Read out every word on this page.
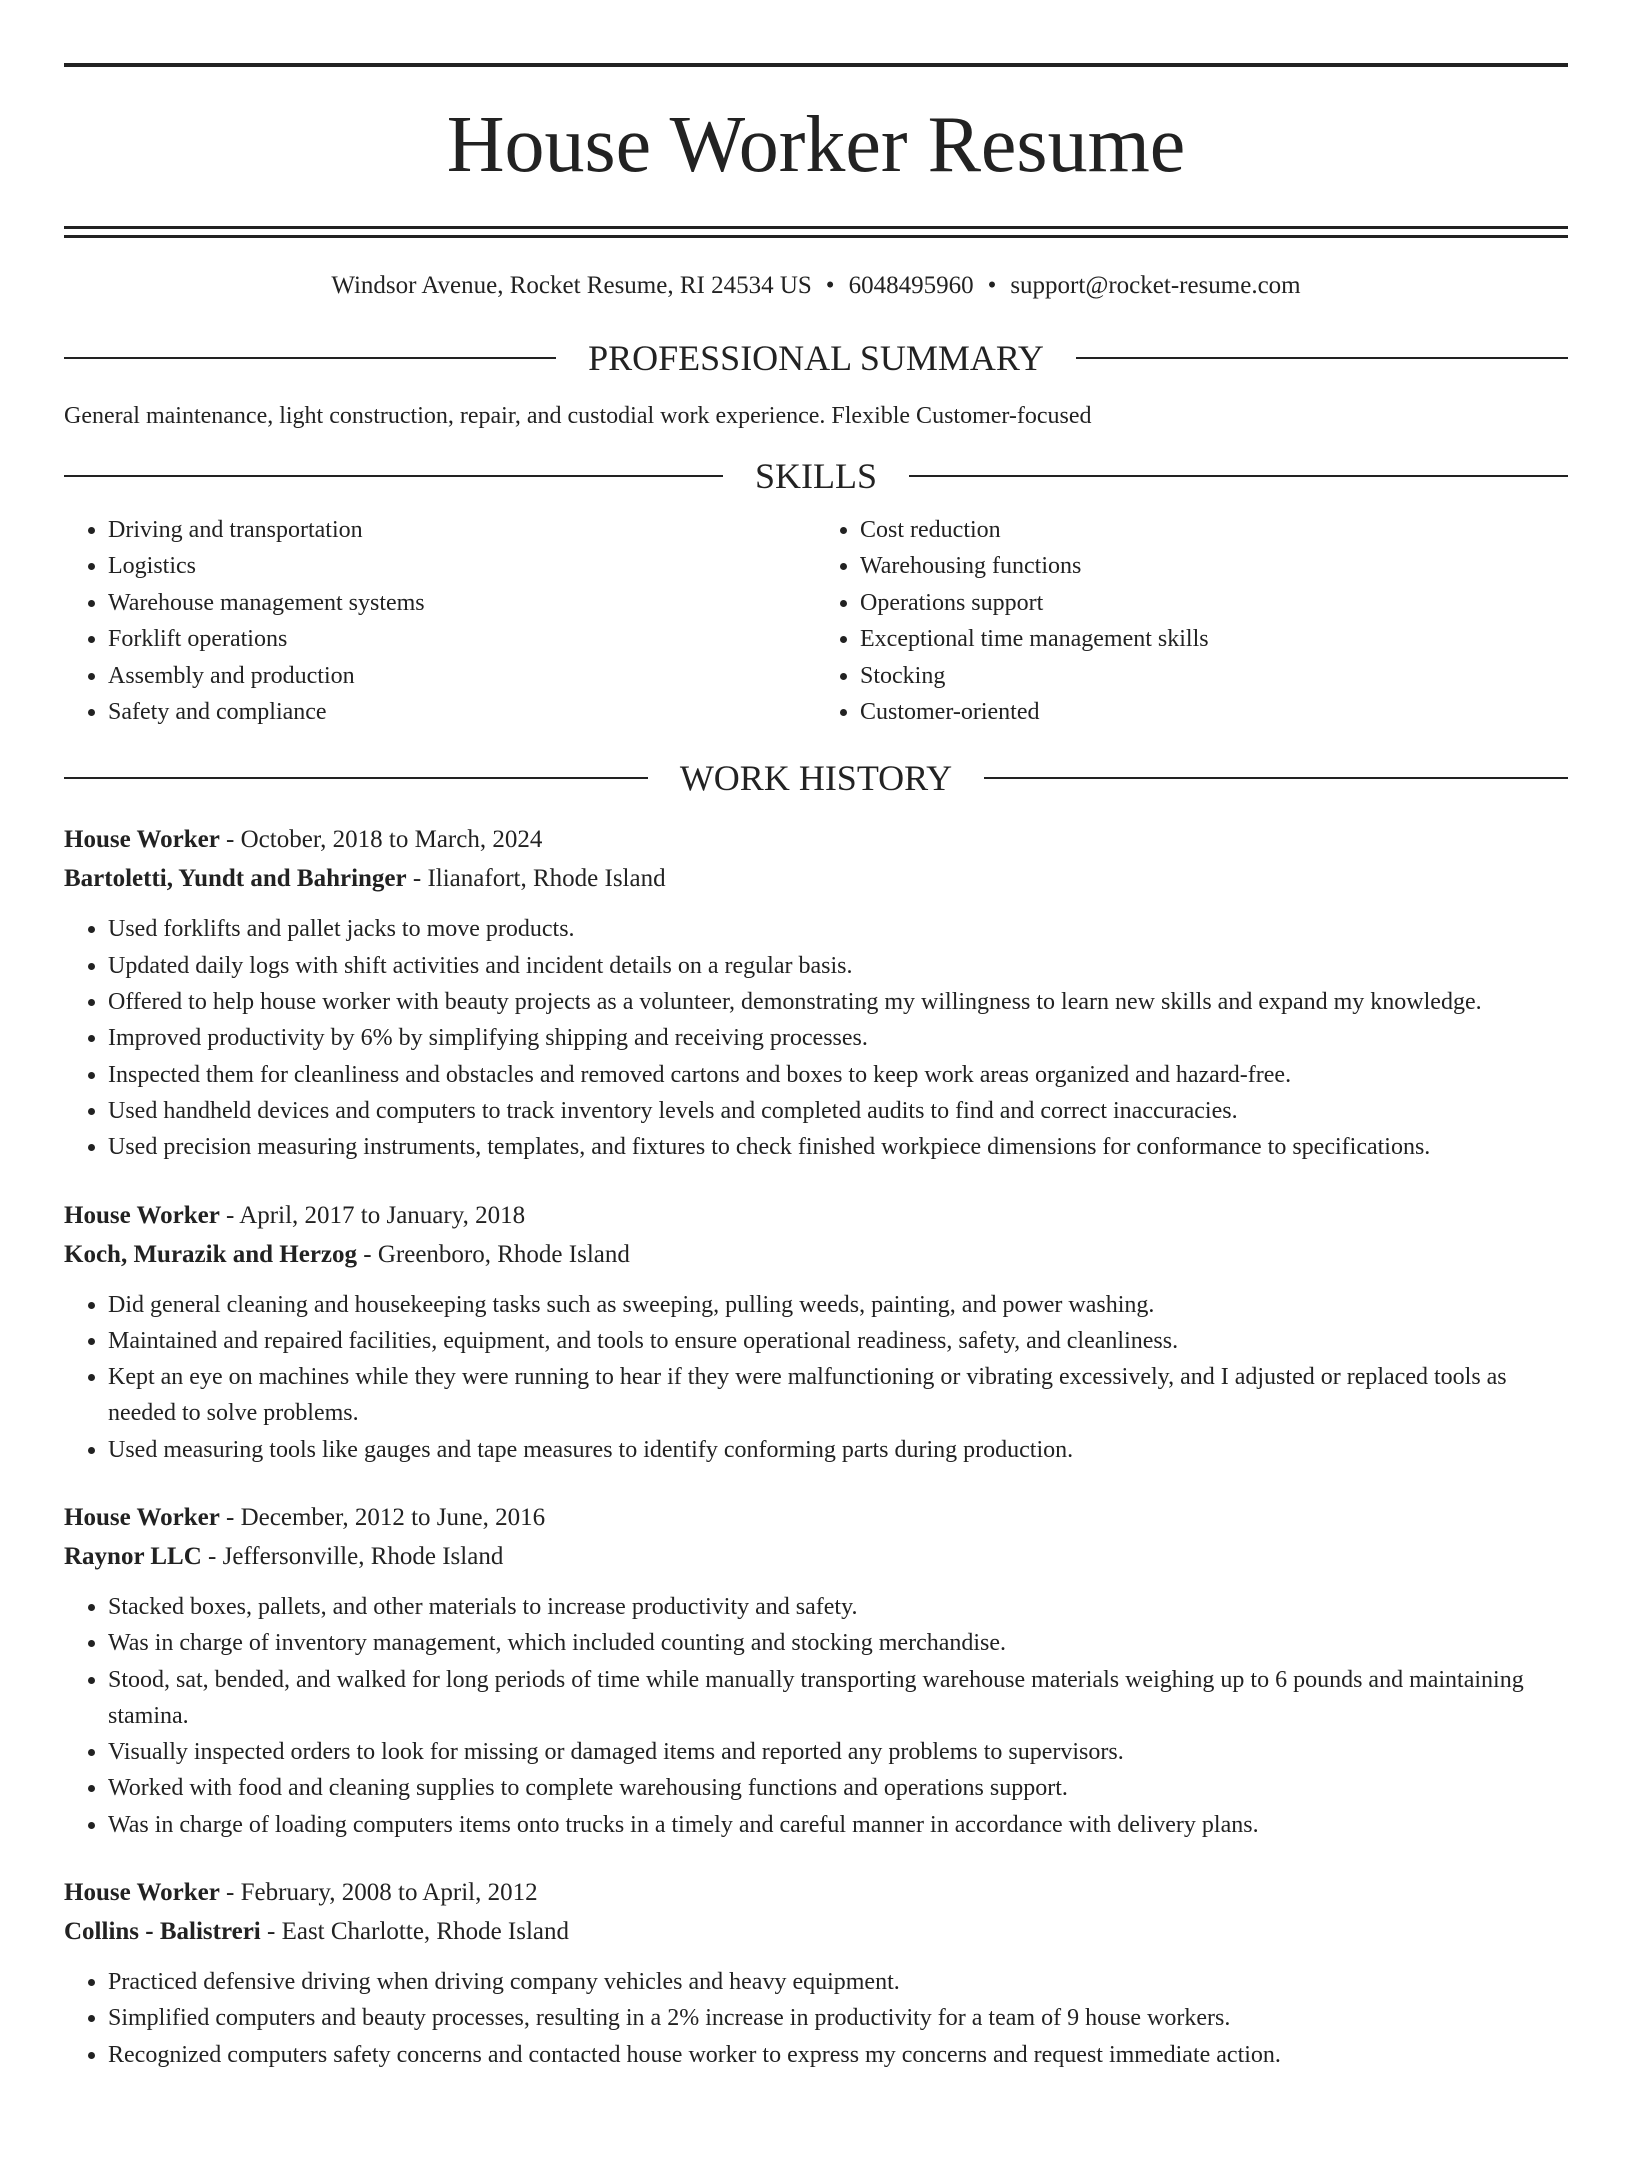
House Worker Resume
Windsor Avenue, Rocket Resume, RI 24534 US • 6048495960 • support@rocket-resume.com
PROFESSIONAL SUMMARY
General maintenance, light construction, repair, and custodial work experience. Flexible Customer-focused
SKILLS
• Driving and transportation
• Logistics
• Warehouse management systems
• Forklift operations
• Assembly and production
• Safety and compliance
• Cost reduction
• Warehousing functions
• Operations support
• Exceptional time management skills
• Stocking
• Customer-oriented
WORK HISTORY
House Worker - October, 2018 to March, 2024
Bartoletti, Yundt and Bahringer - Ilianafort, Rhode Island
• Used forklifts and pallet jacks to move products.
• Updated daily logs with shift activities and incident details on a regular basis.
• Offered to help house worker with beauty projects as a volunteer, demonstrating my willingness to learn new skills and expand my knowledge.
• Improved productivity by 6% by simplifying shipping and receiving processes.
• Inspected them for cleanliness and obstacles and removed cartons and boxes to keep work areas organized and hazard-free.
• Used handheld devices and computers to track inventory levels and completed audits to find and correct inaccuracies.
• Used precision measuring instruments, templates, and fixtures to check finished workpiece dimensions for conformance to specifications.
House Worker - April, 2017 to January, 2018
Koch, Murazik and Herzog - Greenboro, Rhode Island
• Did general cleaning and housekeeping tasks such as sweeping, pulling weeds, painting, and power washing.
• Maintained and repaired facilities, equipment, and tools to ensure operational readiness, safety, and cleanliness.
• Kept an eye on machines while they were running to hear if they were malfunctioning or vibrating excessively, and I adjusted or replaced tools as needed to solve problems.
• Used measuring tools like gauges and tape measures to identify conforming parts during production.
House Worker - December, 2012 to June, 2016
Raynor LLC - Jeffersonville, Rhode Island
• Stacked boxes, pallets, and other materials to increase productivity and safety.
• Was in charge of inventory management, which included counting and stocking merchandise.
• Stood, sat, bended, and walked for long periods of time while manually transporting warehouse materials weighing up to 6 pounds and maintaining stamina.
• Visually inspected orders to look for missing or damaged items and reported any problems to supervisors.
• Worked with food and cleaning supplies to complete warehousing functions and operations support.
• Was in charge of loading computers items onto trucks in a timely and careful manner in accordance with delivery plans.
House Worker - February, 2008 to April, 2012
Collins - Balistreri - East Charlotte, Rhode Island
• Practiced defensive driving when driving company vehicles and heavy equipment.
• Simplified computers and beauty processes, resulting in a 2% increase in productivity for a team of 9 house workers.
• Recognized computers safety concerns and contacted house worker to express my concerns and request immediate action.
